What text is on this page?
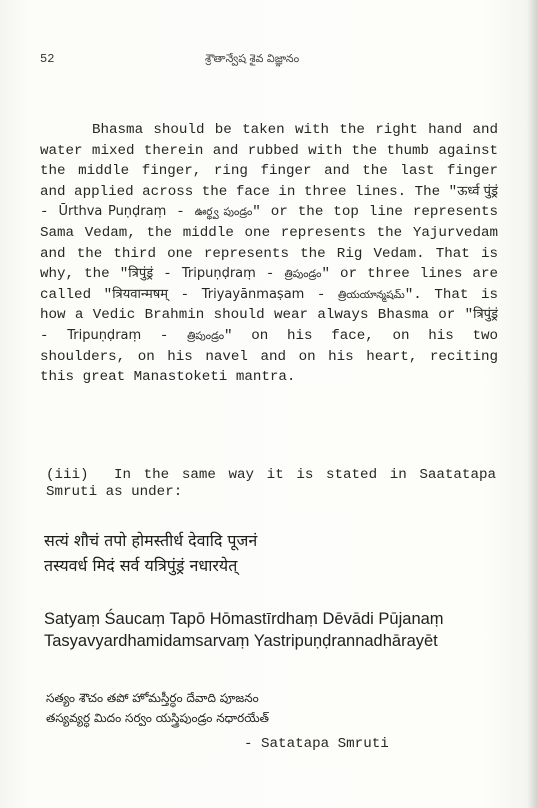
52	శ్రౌతాన్వేష శైవ విజ్ఞానం

Bhasma should be taken with the right hand and water mixed therein and rubbed with the thumb against the middle finger, ring finger and the last finger and applied across the face in three lines. The "ऊर्ध्व पुंड्रं - Ūrthva Puṇḍraṃ - ఊర్థ్వ పుండ్రం" or the top line represents Sama Vedam, the middle one represents the Yajurvedam and the third one represents the Rig Vedam. That is why, the "त्रिपुंड्रं - Tripuṇḍraṃ - త్రిపుండ్రం" or three lines are called "त्रियवान्मषम् - Triyayānmaṣam - త్రియయాన్మషమ్". That is how a Vedic Brahmin should wear always Bhasma or "त्रिपुंड्रं - Tripuṇḍraṃ - త్రిపుండ్రం" on his face, on his two shoulders, on his navel and on his heart, reciting this great Manastoketi mantra.

(iii) In the same way it is stated in Saatatapa Smruti as under:
सत्यं शौचं तपो होमस्तीर्ध देवादि पूजनं
तस्यवर्ध मिदं सर्व यत्रिपुंड्रं नधारयेत्
Satyaṃ Śaucaṃ Tapō Hōmastīrdhaṃ Dēvādi Pūjanaṃ
Tasyavyardhamidamsarvaṃ Yastripuṇḍrannadhārayēt
సత్యం శౌచం తపో హోమస్తీర్ధం దేవాది పూజనం
తస్యవ్యర్ధ మిదం సర్వం యస్త్రిపుండ్రం నధారయేత్
- Satatapa Smruti
